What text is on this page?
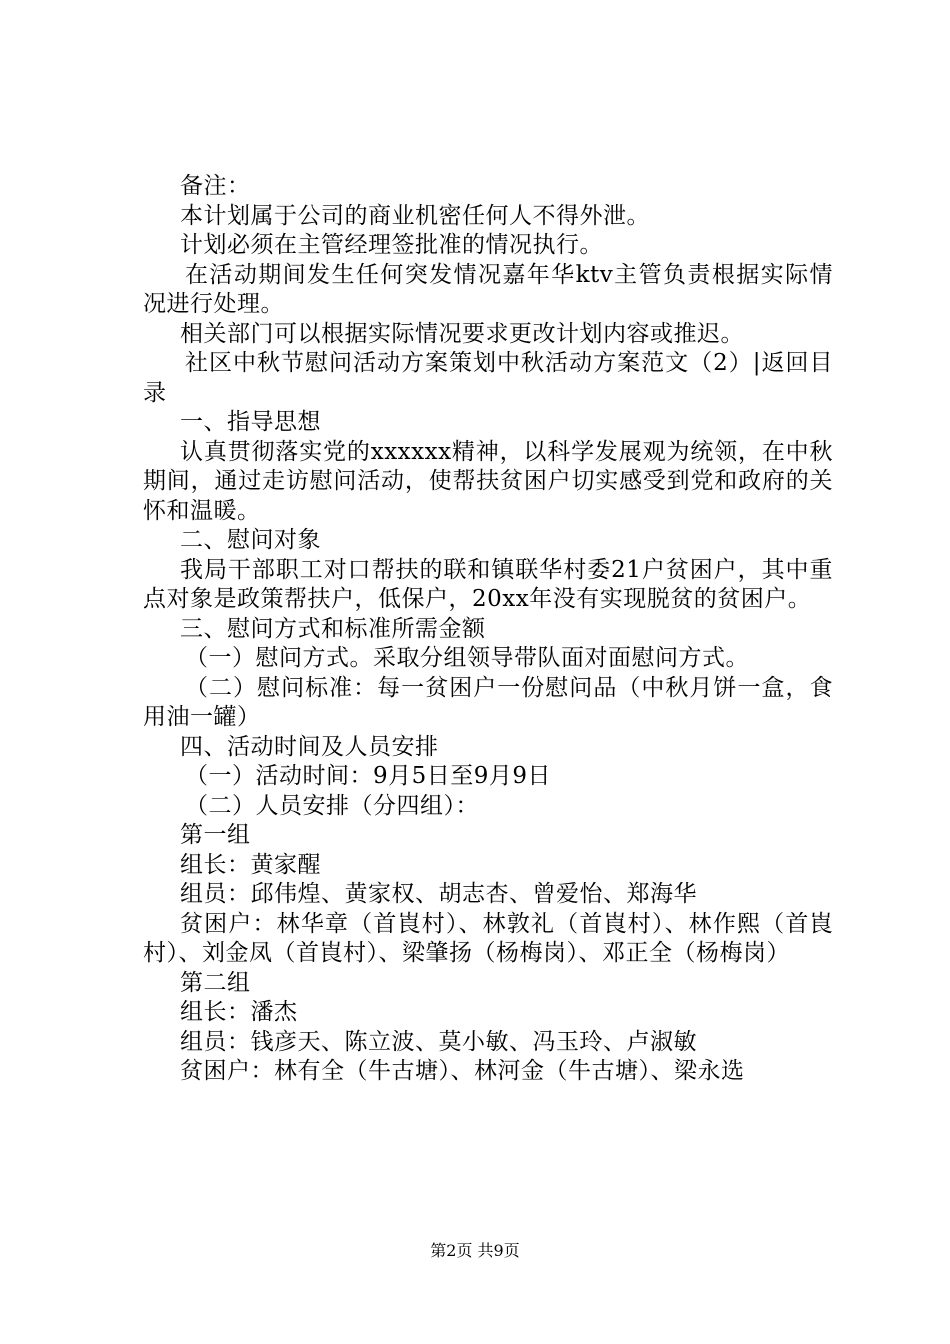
备注：

本计划属于公司的商业机密任何人不得外泄。

计划必须在主管经理签批准的情况执行。

在活动期间发生任何突发情况嘉年华ktv主管负责根据实际情况进行处理。

相关部门可以根据实际情况要求更改计划内容或推迟。

社区中秋节慰问活动方案策划中秋活动方案范文（2）|返回目录

一、指导思想

认真贯彻落实党的xxxxxx精神，以科学发展观为统领，在中秋期间，通过走访慰问活动，使帮扶贫困户切实感受到党和政府的关怀和温暖。

二、慰问对象

我局干部职工对口帮扶的联和镇联华村委21户贫困户，其中重点对象是政策帮扶户，低保户，20xx年没有实现脱贫的贫困户。

三、慰问方式和标准所需金额

（一）慰问方式。采取分组领导带队面对面慰问方式。

（二）慰问标准：每一贫困户一份慰问品（中秋月饼一盒，食用油一罐）

四、活动时间及人员安排

（一）活动时间：9月5日至9月9日

（二）人员安排（分四组）：

第一组

组长：黄家醒

组员：邱伟煌、黄家权、胡志杏、曾爱怡、郑海华

贫困户：林华章（首崀村）、林敦礼（首崀村）、林作熙（首崀村）、刘金凤（首崀村）、梁肇扬（杨梅岗）、邓正全（杨梅岗）

第二组

组长：潘杰

组员：钱彦天、陈立波、莫小敏、冯玉玲、卢淑敏

贫困户：林有全（牛古塘）、林河金（牛古塘）、梁永选

第2页 共9页
